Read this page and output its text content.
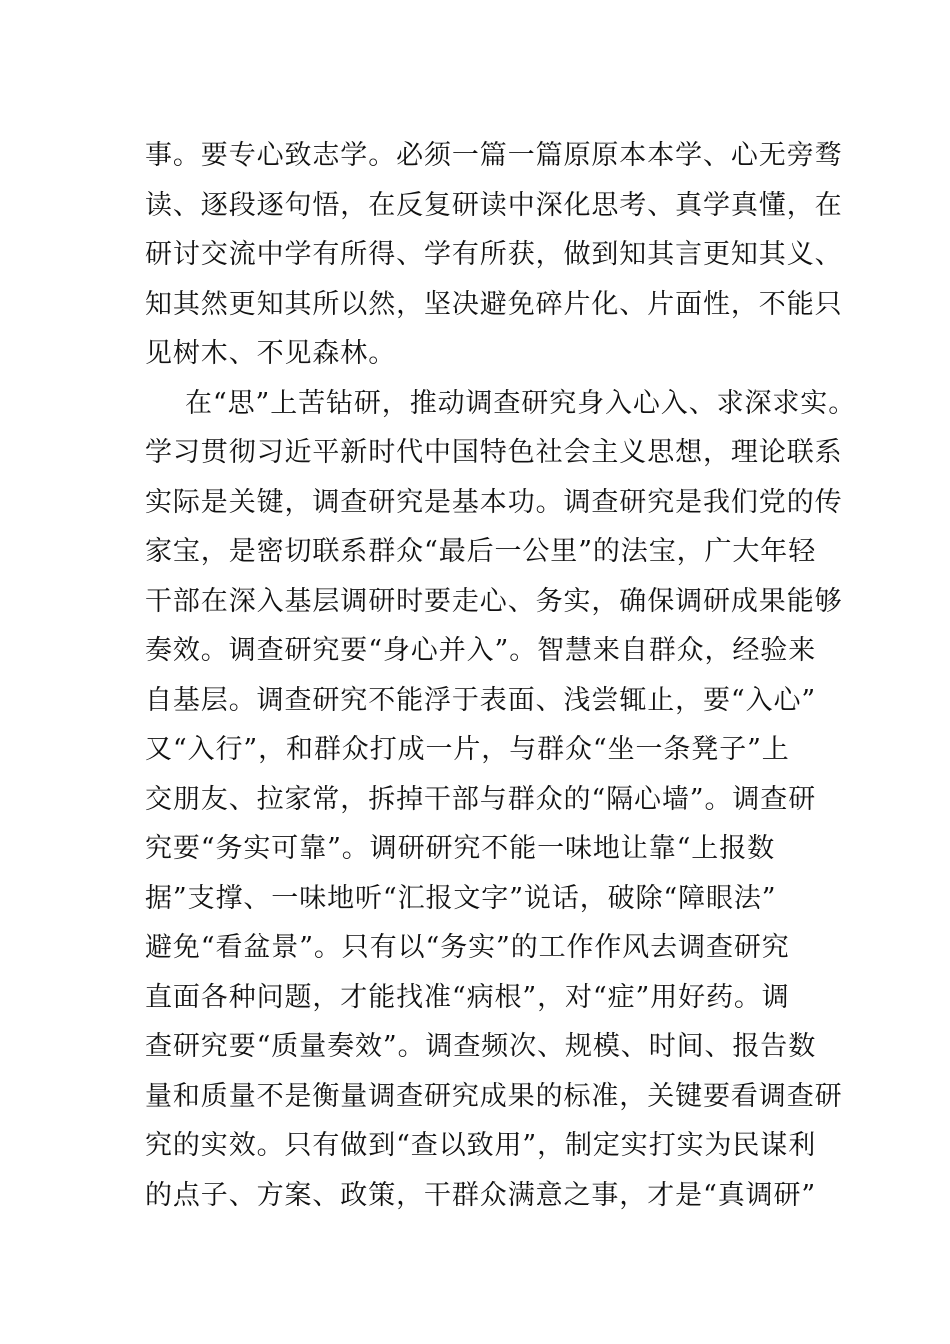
事。要专心致志学。必须一篇一篇原原本本学、心无旁骛
读、逐段逐句悟，在反复研读中深化思考、真学真懂，在
研讨交流中学有所得、学有所获，做到知其言更知其义、
知其然更知其所以然，坚决避免碎片化、片面性，不能只
见树木、不见森林。
在“思”上苦钻研，推动调查研究身入心入、求深求实。
学习贯彻习近平新时代中国特色社会主义思想，理论联系
实际是关键，调查研究是基本功。调查研究是我们党的传
家宝，是密切联系群众“最后一公里”的法宝，广大年轻
干部在深入基层调研时要走心、务实，确保调研成果能够
奏效。调查研究要“身心并入”。智慧来自群众，经验来
自基层。调查研究不能浮于表面、浅尝辄止，要“入心”
又“入行”，和群众打成一片，与群众“坐一条凳子”上
交朋友、拉家常，拆掉干部与群众的“隔心墙”。调查研
究要“务实可靠”。调研研究不能一味地让靠“上报数
据”支撑、一味地听“汇报文字”说话，破除“障眼法”
避免“看盆景”。只有以“务实”的工作作风去调查研究
直面各种问题，才能找准“病根”，对“症”用好药。调
查研究要“质量奏效”。调查频次、规模、时间、报告数
量和质量不是衡量调查研究成果的标准，关键要看调查研
究的实效。只有做到“查以致用”，制定实打实为民谋利
的点子、方案、政策，干群众满意之事，才是“真调研”
